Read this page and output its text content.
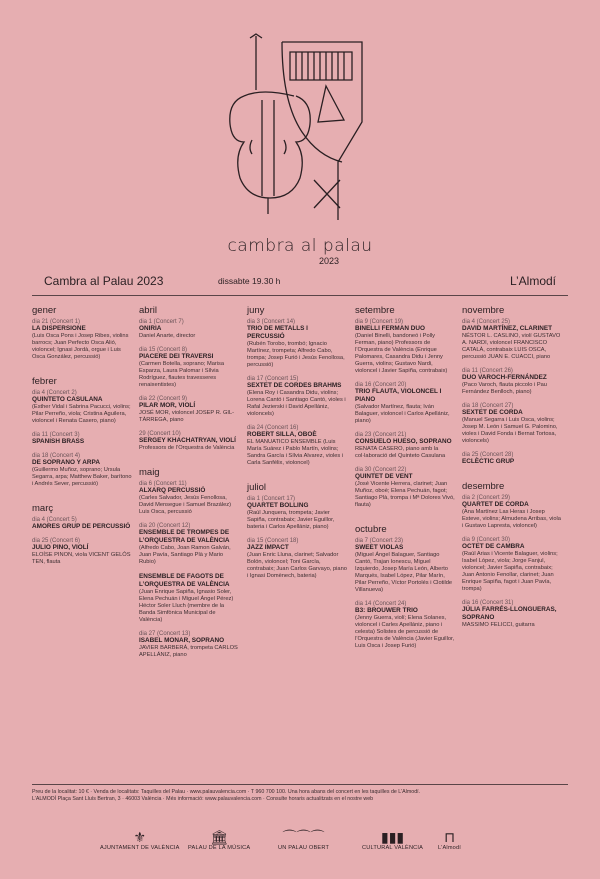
cambra al palau
2023
Cambra al Palau 2023	dissabte 19.30 h	L’Almodí
gener
dia 21 (Concert 1)
LA DISPERSIONE
(Luis Osca Pons i Josep Ribes, violins barrocs; Juan Perfecto Osca Alió, violoncel; Ignasi Jordà, orgue i Luis Osca González, percussió)
febrer
dia 4 (Concert 2)
QUINTETO CASULANA
(Esther Vidal i Sabrina Pacucci, violins; Pilar Perreño, viola; Cristina Aguilera, violoncel i Renata Casero, piano)
dia 11 (Concert 3)
SPANISH BRASS
dia 18 (Concert 4)
DE SOPRANO Y ARPA
(Guillermo Muñoz, soprano; Ursula Segarra, arpa; Matthew Baker, barítono i Andrés Sever, percussió)
març
dia 4 (Concert 5)
AMORES GRUP DE PERCUSSIÓ
dia 25 (Concert 6)
JULIO PINO, VIOLÍ
ELOÍSE PINON, viola VICENT GELÓS TEN, flauta
abril
dia 1 (Concert 7)
ONIRIA
Daniel Anarte, director
dia 15 (Concert 8)
PIACERE DEI TRAVERSI
(Carmen Botella, soprano; Marisa Esparza, Laura Palomar i Sílvia Rodríguez, flautes travesseres renaixentistes)
dia 22 (Concert 9)
PILAR MOR, VIOLÍ
JOSÉ MOR, violoncel JOSEP R. GIL-TÀRREGA, piano
29 (Concert 10)
SERGEY KHACHATRYAN, VIOLÍ
Professors de l’Orquestra de València
maig
dia 6 (Concert 11)
ALXARQ PERCUSSIÓ
(Carles Salvador, Jesús Fenollosa, David Mensegue i Samuel Brazález) Luis Osca, percussió
dia 20 (Concert 12)
ENSEMBLE DE TROMPES DE L’ORQUESTRA DE VALÈNCIA
(Alfredo Cabo, Joan Ramon Galván, Juan Pavía, Santiago Plà y Mario Rubio)
ENSEMBLE DE FAGOTS DE L’ORQUESTRA DE VALÈNCIA
(Juan Enrique Sapiña, Ignasio Soler, Elena Pechuán i Miguel Ángel Pérez) Héctor Soler Lluch (membre de la Banda Simfònica Municipal de València)
dia 27 (Concert 13)
ISABEL MONAR, SOPRANO
JAVIER BARBERÁ, trompeta CARLOS APELLÁNIZ, piano
juny
dia 3 (Concert 14)
TRIO DE METALLS I PERCUSSIÓ
(Rubén Torobo, trombó; Ignacio Martínez, trompeta; Alfredo Cabo, trompa; Josep Furió i Jesús Fenollosa, percussió)
dia 17 (Concert 15)
SEXTET DE CORDES BRAHMS
(Elena Roy i Casandra Didu, violins; Lorena Cantó i Santiago Cantó, violes i Rafal Jezierski i David Apellániz, violoncels)
dia 24 (Concert 16)
ROBERT SILLA, OBOÈ
EL MANUATICO ENSEMBLE (Luis María Suárez i Pablo Martín, violins; Sandra García i Sílvia Alvarez, violes i Carla Sanfélix, violoncel)
juliol
dia 1 (Concert 17)
QUARTET BOLLING
(Raúl Junquera, trompeta; Javier Sapiña, contrabaix; Javier Eguillor, bateria i Carlos Apellániz, piano)
dia 15 (Concert 18)
JAZZ IMPACT
(Juan Enric Lluna, clarinet; Salvador Bolón, violoncel; Toni García, contrabaix; Juan Carlos Garvayo, piano i Ignasi Domènech, bateria)
setembre
dia 9 (Concert 19)
BINELLI FERMAN DUO
(Daniel Binelli, bandoneó i Polly Ferman, piano) Professors de l’Orquestra de València (Enrique Palomares, Casandra Didu i Jenny Guerra, violins; Gustavo Nardi, violoncel i Javier Sapiña, contrabaix)
dia 16 (Concert 20)
TRIO FLAUTA, VIOLONCEL I PIANO
(Salvador Martínez, flauta; Iván Balaguer, violoncel i Carlos Apellániz, piano)
dia 23 (Concert 21)
CONSUELO HUESO, SOPRANO
RENATA CASERO, piano amb la col·laboració del Quinteto Casulana
dia 30 (Concert 22)
QUINTET DE VENT
(José Vicente Herrera, clarinet; Juan Muñoz, oboè; Elena Pechuán, fagot; Santiago Plà, trompa i Mª Dolores Vivó, flauta)
octubre
dia 7 (Concert 23)
SWEET VIOLAS
(Miguel Ángel Balaguer, Santiago Cantó, Trajan Ionescu, Miguel Izquierdo, Josep María León, Alberto Marqués, Isabel López, Pilar Marín, Pilar Perreño, Víctor Portolés i Clotilde Villanueva)
dia 14 (Concert 24)
B3: BROUWER TRIO
(Jenny Guerra, violí; Elena Solanes, violoncel i Carles Apellániz, piano i celesta) Solistes de percussió de l’Orquestra de València (Javier Eguillor, Luis Osca i Josep Furió)
novembre
dia 4 (Concert 25)
DAVID MARTÍNEZ, CLARINET
NÉSTOR L. CASLINO, violí GUSTAVO A. NARDI, violoncel FRANCISCO CATALÀ, contrabaix LUIS OSCA, percussió JUAN E. CUACCI, piano
dia 11 (Concert 26)
DUO VAROCH-FERNÁNDEZ
(Paco Varoch, flauta piccolo i Pau Fernández Benlloch, piano)
dia 18 (Concert 27)
SEXTET DE CORDA
(Manuel Segarra i Luis Osca, violins; Josep M. León i Samuel G. Palomino, violes i David Fonda i Bernat Tortosa, violoncels)
dia 25 (Concert 28)
ECLÈCTIC GRUP
desembre
dia 2 (Concert 29)
QUARTET DE CORDA
(Ana Martínez Las Heras i Josep Esteve, violins; Almudena Arribas, viola i Gustavo Lapresta, violoncel)
dia 9 (Concert 30)
OCTET DE CAMBRA
(Raúl Arias i Vicente Balaguer, violins; Isabel López, viola; Jorge Fanjul, violoncel; Javier Sapiña, contrabaix; Juan Antonio Fenollar, clarinet; Juan Enrique Sapiña, fagot i Juan Pavía, trompa)
dia 16 (Concert 31)
JÚLIA FARRÉS-LLONGUERAS, SOPRANO
MASSIMO FELICCI, guitarra
Preu de la localitat: 10 € · Venda de localitats: Taquilles del Palau · www.palauvalencia.com · T 960 700 100. Una hora abans del concert en les taquilles de L’Almodí.
L’ALMODÍ Plaça Sant Lluís Bertran, 3 · 46003 València · Més informació: www.palauvalencia.com · Consulte horaris actualitzats en el nostre web
⚜
AJUNTAMENT DE VALÈNCIA
🏛
PALAU DE LA MÚSICA
⌒⌒⌒
UN PALAU OBERT
▮▮▮
CULTURAL VALÈNCIA
⊓
L’Almodí
